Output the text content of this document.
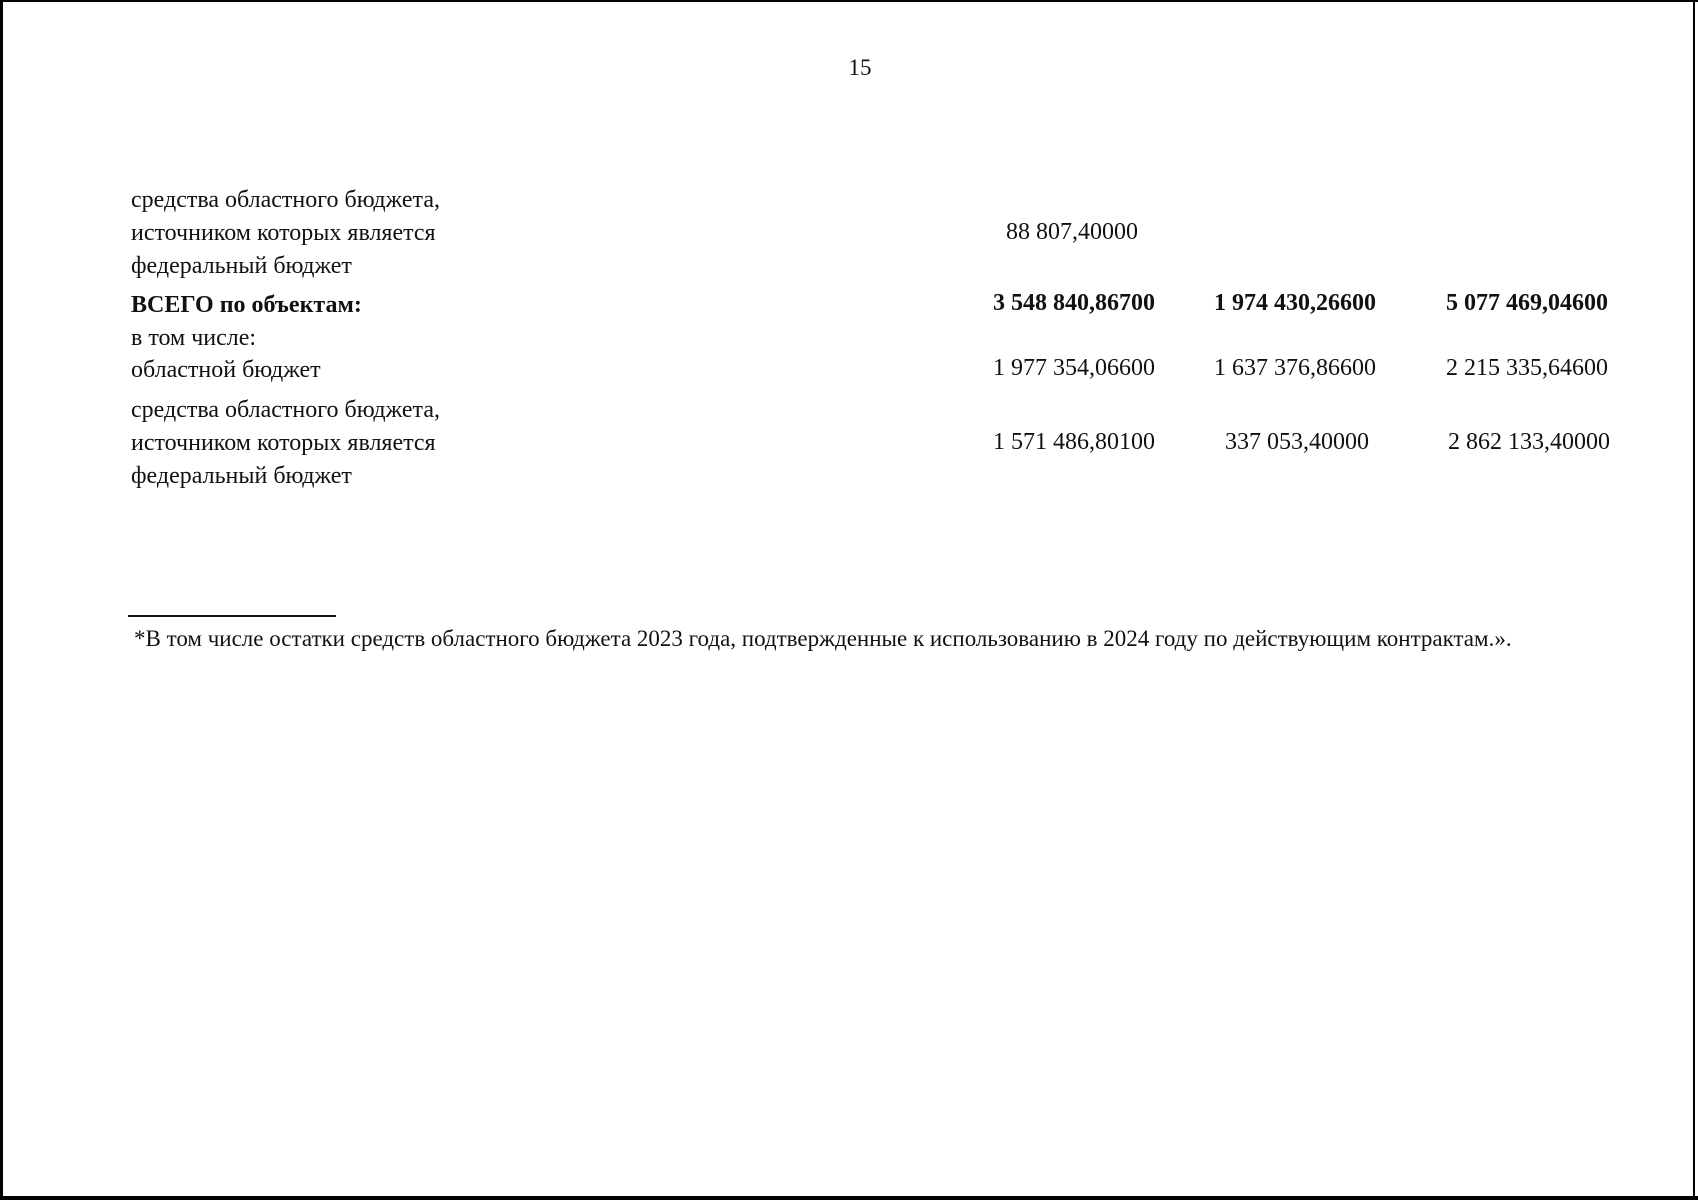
15
средства областного бюджета,
источником которых является
федеральный бюджет
88 807,40000
ВСЕГО по объектам:	3 548 840,86700	1 974 430,26600	5 077 469,04600
в том числе:
областной бюджет	1 977 354,06600	1 637 376,86600	2 215 335,64600
средства областного бюджета,
источником которых является
федеральный бюджет
1 571 486,80100	337 053,40000	2 862 133,40000
*В том числе остатки средств областного бюджета 2023 года, подтвержденные к использованию в 2024 году по действующим контрактам.».
